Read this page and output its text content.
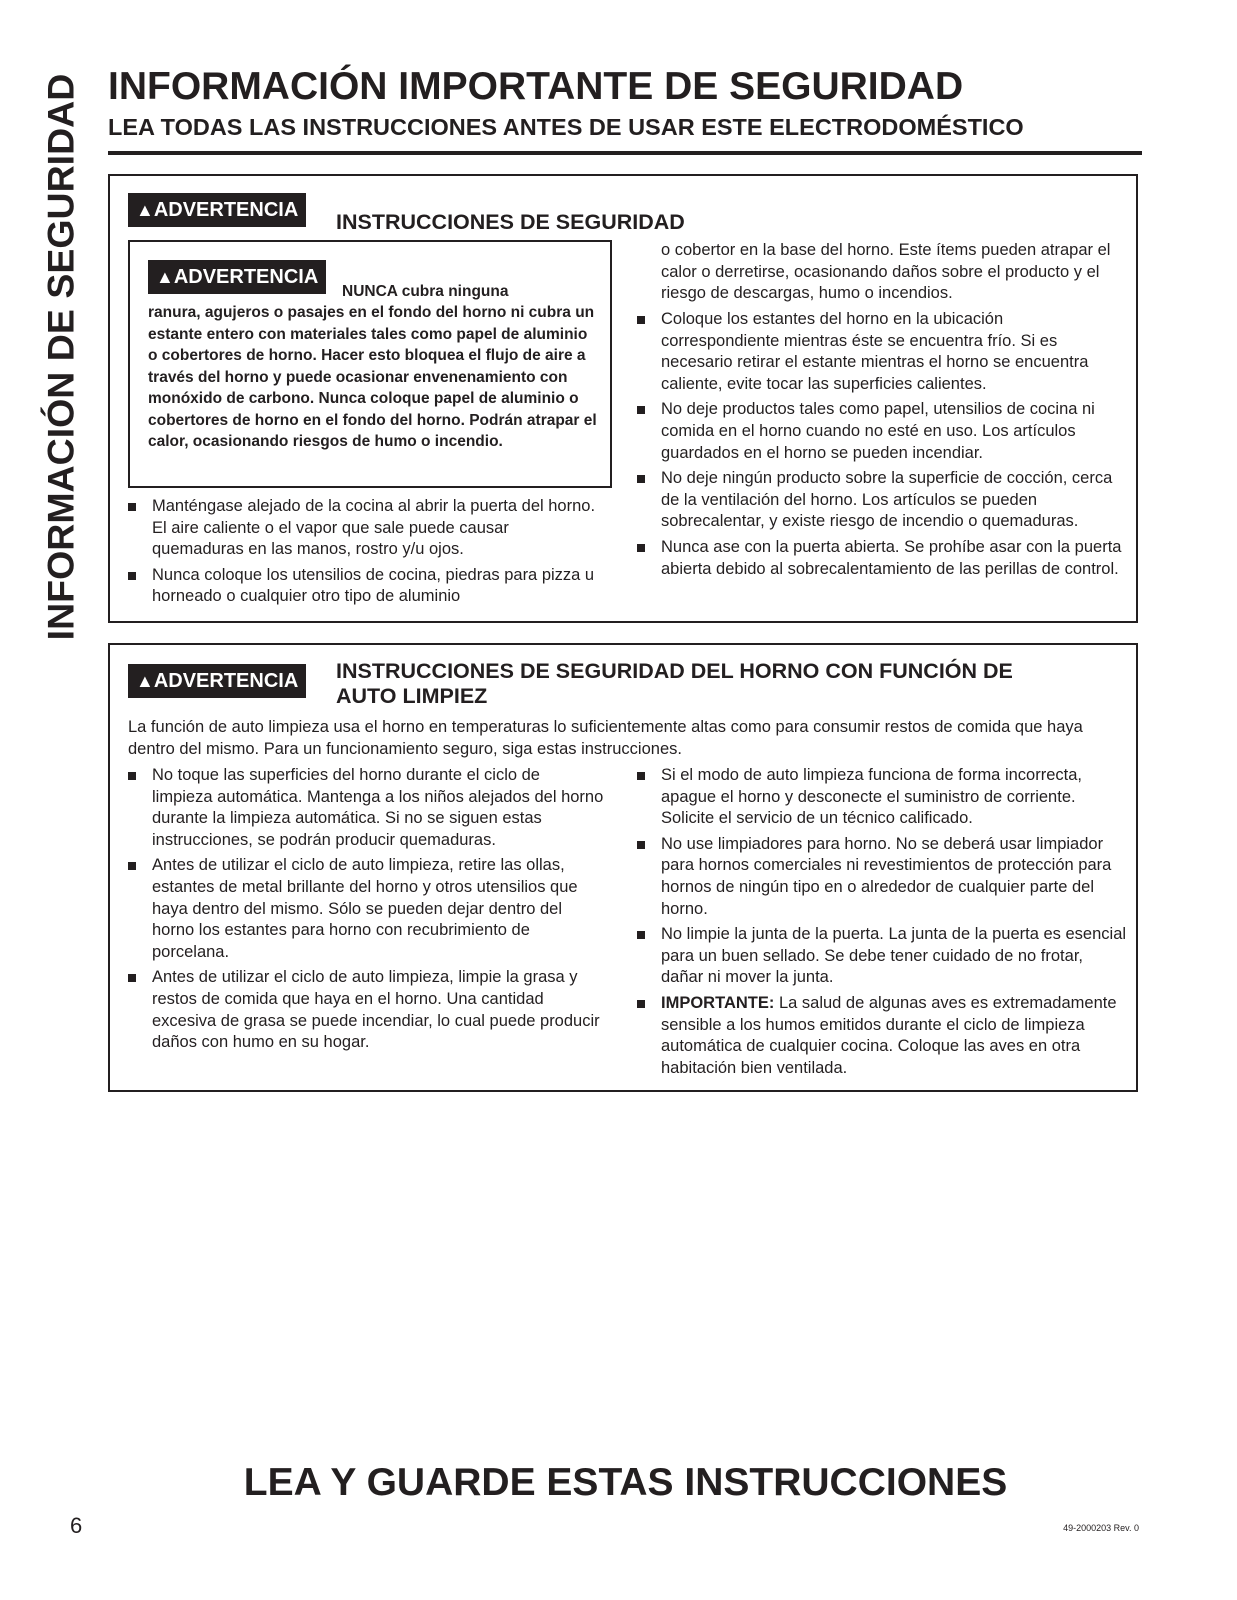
INFORMACIÓN DE SEGURIDAD INFORMACIÓN IMPORTANTE DE SEGURIDAD
LEA TODAS LAS INSTRUCCIONES ANTES DE USAR ESTE ELECTRODOMÉSTICO
▲ADVERTENCIA	INSTRUCCIONES DE SEGURIDAD
▲ADVERTENCIA

NUNCA cubra ninguna

ranura, agujeros o pasajes en el fondo del horno ni cubra un estante entero con materiales tales como papel de aluminio o cobertores de horno. Hacer esto bloquea el flujo de aire a través del horno y puede ocasionar envenenamiento con monóxido de carbono. Nunca coloque papel de aluminio o cobertores de horno en el fondo del horno. Podrán atrapar el calor, ocasionando riesgos de humo o incendio.

Manténgase alejado de la cocina al abrir la puerta del horno. El aire caliente o el vapor que sale puede causar quemaduras en las manos, rostro y/u ojos.
Nunca coloque los utensilios de cocina, piedras para pizza u horneado o cualquier otro tipo de aluminio

o cobertor en la base del horno. Este ítems pueden atrapar el calor o derretirse, ocasionando daños sobre el producto y el riesgo de descargas, humo o incendios.

Coloque los estantes del horno en la ubicación correspondiente mientras éste se encuentra frío. Si es necesario retirar el estante mientras el horno se encuentra caliente, evite tocar las superficies calientes.
No deje productos tales como papel, utensilios de cocina ni comida en el horno cuando no esté en uso. Los artículos guardados en el horno se pueden incendiar.
No deje ningún producto sobre la superficie de cocción, cerca de la ventilación del horno. Los artículos se pueden sobrecalentar, y existe riesgo de incendio o quemaduras.
Nunca ase con la puerta abierta. Se prohíbe asar con la puerta abierta debido al sobrecalentamiento de las perillas de control.
▲ADVERTENCIA	INSTRUCCIONES DE SEGURIDAD DEL HORNO CON FUNCIÓN DE
AUTO LIMPIEZ

La función de auto limpieza usa el horno en temperaturas lo suficientemente altas como para consumir restos de comida que haya dentro del mismo. Para un funcionamiento seguro, siga estas instrucciones.

No toque las superficies del horno durante el ciclo de limpieza automática. Mantenga a los niños alejados del horno durante la limpieza automática. Si no se siguen estas instrucciones, se podrán producir quemaduras.
Antes de utilizar el ciclo de auto limpieza, retire las ollas, estantes de metal brillante del horno y otros utensilios que haya dentro del mismo. Sólo se pueden dejar dentro del horno los estantes para horno con recubrimiento de porcelana.
Antes de utilizar el ciclo de auto limpieza, limpie la grasa y restos de comida que haya en el horno. Una cantidad excesiva de grasa se puede incendiar, lo cual puede producir daños con humo en su hogar.
Si el modo de auto limpieza funciona de forma incorrecta, apague el horno y desconecte el suministro de corriente. Solicite el servicio de un técnico calificado.
No use limpiadores para horno. No se deberá usar limpiador para hornos comerciales ni revestimientos de protección para hornos de ningún tipo en o alrededor de cualquier parte del horno.
No limpie la junta de la puerta. La junta de la puerta es esencial para un buen sellado. Se debe tener cuidado de no frotar, dañar ni mover la junta.
IMPORTANTE: La salud de algunas aves es extremadamente sensible a los humos emitidos durante el ciclo de limpieza automática de cualquier cocina. Coloque las aves en otra habitación bien ventilada.

LEA Y GUARDE ESTAS INSTRUCCIONES

6	49-2000203 Rev. 0
